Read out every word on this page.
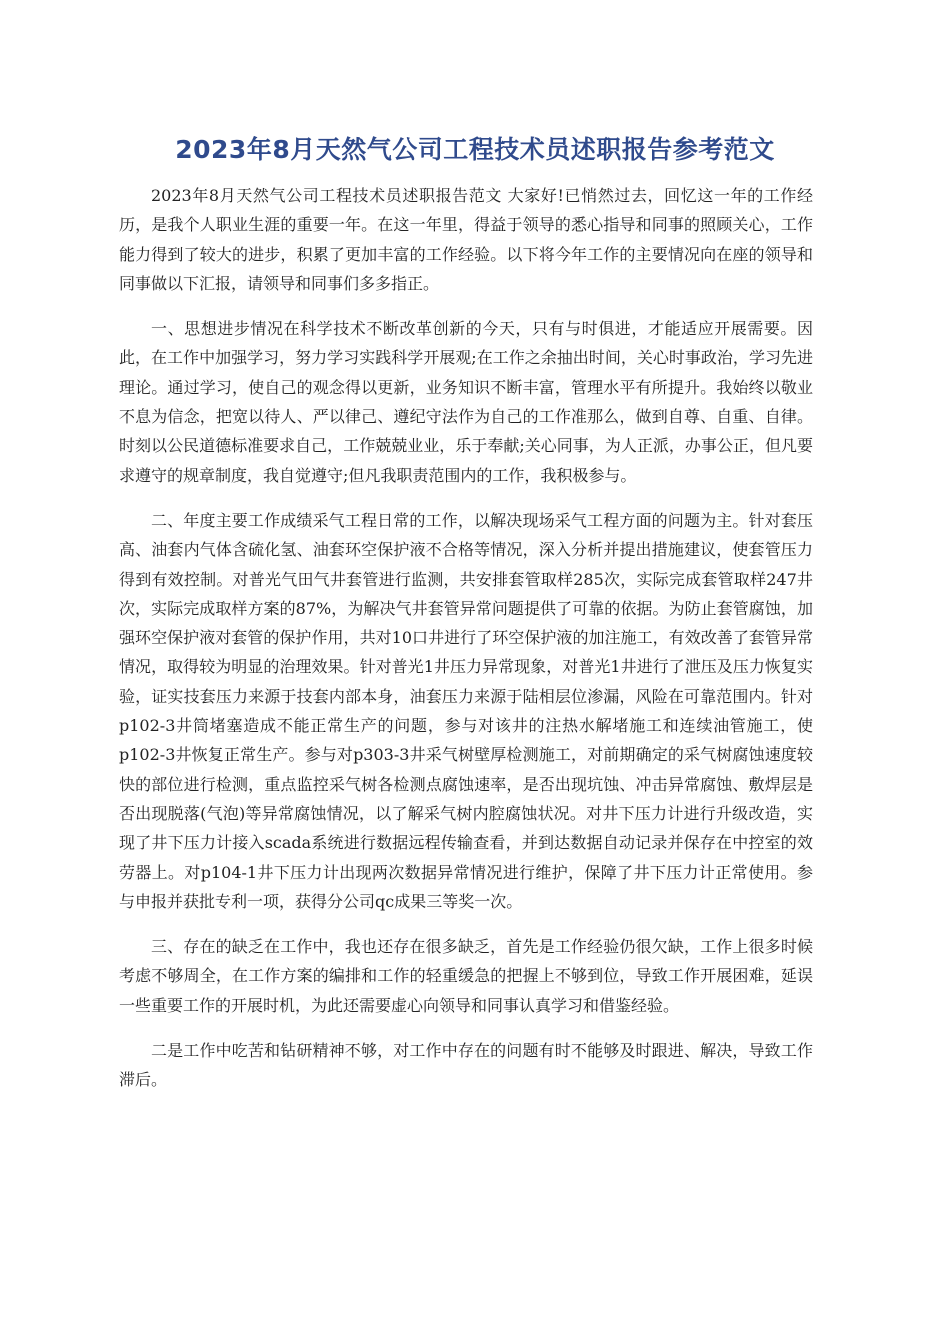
2023年8月天然气公司工程技术员述职报告参考范文

2023年8月天然气公司工程技术员述职报告范文 大家好!已悄然过去，回忆这一年的工作经历，是我个人职业生涯的重要一年。在这一年里，得益于领导的悉心指导和同事的照顾关心，工作能力得到了较大的进步，积累了更加丰富的工作经验。以下将今年工作的主要情况向在座的领导和同事做以下汇报，请领导和同事们多多指正。

一、思想进步情况在科学技术不断改革创新的今天，只有与时俱进，才能适应开展需要。因此，在工作中加强学习，努力学习实践科学开展观;在工作之余抽出时间，关心时事政治，学习先进理论。通过学习，使自己的观念得以更新，业务知识不断丰富，管理水平有所提升。我始终以敬业不息为信念，把宽以待人、严以律己、遵纪守法作为自己的工作准那么，做到自尊、自重、自律。时刻以公民道德标准要求自己，工作兢兢业业，乐于奉献;关心同事，为人正派，办事公正，但凡要求遵守的规章制度，我自觉遵守;但凡我职责范围内的工作，我积极参与。

二、年度主要工作成绩采气工程日常的工作，以解决现场采气工程方面的问题为主。针对套压高、油套内气体含硫化氢、油套环空保护液不合格等情况，深入分析并提出措施建议，使套管压力得到有效控制。对普光气田气井套管进行监测，共安排套管取样285次，实际完成套管取样247井次，实际完成取样方案的87%，为解决气井套管异常问题提供了可靠的依据。为防止套管腐蚀，加强环空保护液对套管的保护作用，共对10口井进行了环空保护液的加注施工，有效改善了套管异常情况，取得较为明显的治理效果。针对普光1井压力异常现象，对普光1井进行了泄压及压力恢复实验，证实技套压力来源于技套内部本身，油套压力来源于陆相层位渗漏，风险在可靠范围内。针对p102-3井筒堵塞造成不能正常生产的问题，参与对该井的注热水解堵施工和连续油管施工，使p102-3井恢复正常生产。参与对p303-3井采气树壁厚检测施工，对前期确定的采气树腐蚀速度较快的部位进行检测，重点监控采气树各检测点腐蚀速率，是否出现坑蚀、冲击异常腐蚀、敷焊层是否出现脱落(气泡)等异常腐蚀情况，以了解采气树内腔腐蚀状况。对井下压力计进行升级改造，实现了井下压力计接入scada系统进行数据远程传输查看，并到达数据自动记录并保存在中控室的效劳器上。对p104-1井下压力计出现两次数据异常情况进行维护，保障了井下压力计正常使用。参与申报并获批专利一项，获得分公司qc成果三等奖一次。

三、存在的缺乏在工作中，我也还存在很多缺乏，首先是工作经验仍很欠缺，工作上很多时候考虑不够周全，在工作方案的编排和工作的轻重缓急的把握上不够到位，导致工作开展困难，延误一些重要工作的开展时机，为此还需要虚心向领导和同事认真学习和借鉴经验。

二是工作中吃苦和钻研精神不够，对工作中存在的问题有时不能够及时跟进、解决，导致工作滞后。
